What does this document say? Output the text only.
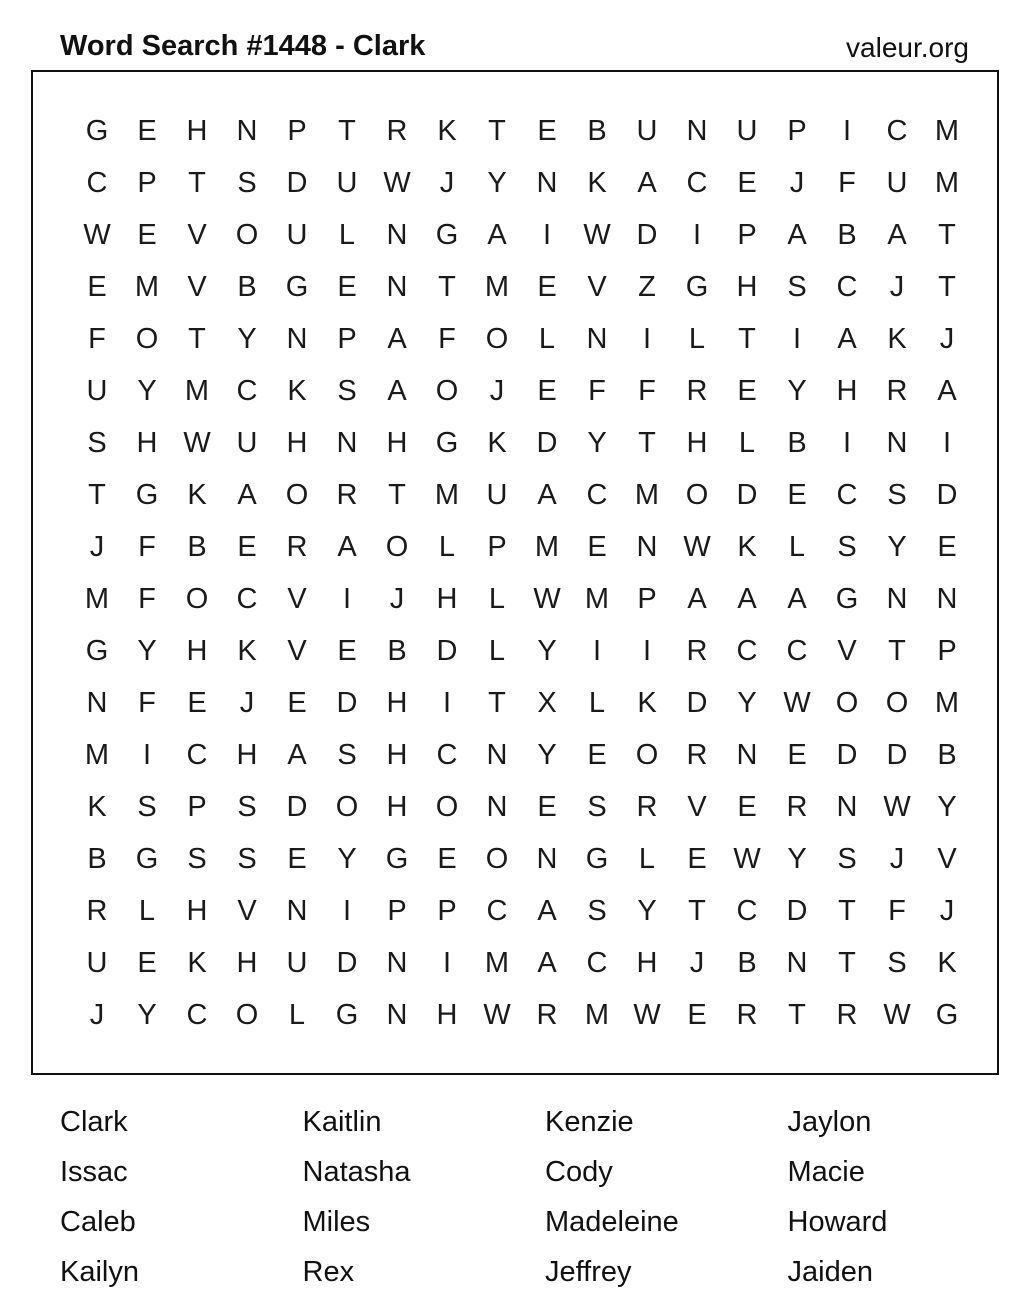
Word Search #1448 - Clark	valeur.org
G	E	H	N	P	T	R	K	T	E	B	U	N	U	P	I	C M
C	P	T	S	D	U W	J	Y	N	K	A	C	E	J	F	U M
W E	V	O U	L	N G	A	I	W D	I	P	A	B	A	T
E M V	B	G	E	N	T	M E	V	Z	G H	S	C	J	T
F	O	T	Y	N	P	A	F	O	L	N	I	L	T	I	A	K	J
U	Y M C	K	S	A	O	J	E	F	F	R	E	Y	H	R	A
S	H W U	H	N	H G	K	D	Y	T	H	L	B	I	N	I
T	G	K	A	O R	T	M U	A	C M O D	E	C	S	D
J	F	B	E	R	A	O	L	P M E	N W K	L	S	Y	E
M	F	O C	V	I	J	H	L W M P	A	A	A	G N	N
G	Y	H	K	V	E	B	D	L	Y	I	I	R	C	C	V	T	P
N	F	E	J	E	D	H	I	T	X	L	K	D	Y W O O M
M	I	C	H	A	S	H	C	N	Y	E	O R	N	E	D	D	B
K	S	P	S	D O H O N	E	S	R	V	E	R	N W Y
B	G	S	S	E	Y	G	E	O N G	L	E W Y	S	J	V
R	L	H	V	N	I	P	P	C	A	S	Y	T	C	D	T	F	J
U	E	K	H	U	D	N	I	M A	C	H	J	B	N	T	S	K
J	Y	C O	L	G N	H W R M W E	R	T	R W G
Clark	Kaitlin	Kenzie	Jaylon
Issac	Natasha	Cody	Macie
Caleb	Miles	Madeleine	Howard
Kailyn	Rex	Jeffrey	Jaiden
